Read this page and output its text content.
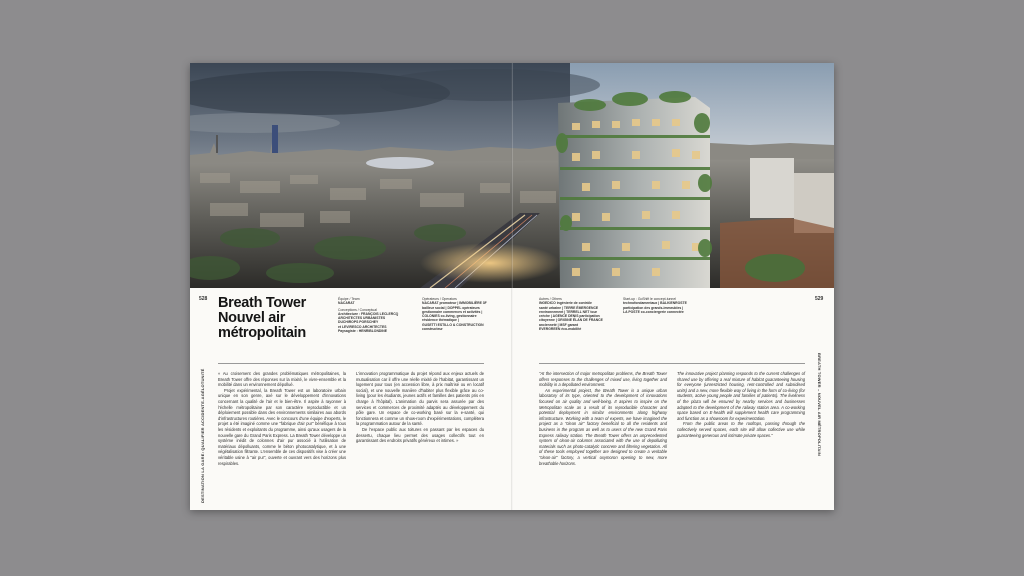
528	529
Breath Tower
Nouvel air
métropolitain
Équipe / Team
NACARAT
Conceptions / Conceptual
Architecture : FRANÇOIS LECLERCQ
ARCHITECTES URBANISTES
DUCHIROPS PORSCHEY
et LEVIRESCO ARCHITECTES
Paysagiste : HENRIBLONDINE
Opérateurs / Operators
NACARAT promoteur | IMMOBILIÈRE 3F
bailleur social | DOPPEL opérateurs
gestionnaire commerces et activités |
COLONIES co-living, gestionnaire
résidence thématique |
GUSETTI ESTILLO & CONSTRUCTION
constructeur
Autres / Others
INGEDICO ingénierie de contrôle
santé urbaine | TERRE ÉMERGENCE
environnement | TERRELL NET tour
crèche | AGENCE DENIS participation
citoyenne | ORIGINE ÉLAN DE FRANCE
ancienneté | MSF garant
EVERGREEN éco-mobilité
Start-up : GoShift le concept-tunnel
technofondamentaux | BALKIENROSTE
participation des grands-immeubles |
LA POSTE co-conciergerie connectée
DESTINATION LA GARE: QUALIFIER ACCIDENTE-AGÉLOTUNITÉ	BREATH TOWER – NOUVEL AIR MÉTROPOLITAIN

« Au croisement des grandes problématiques métropolitaines, la Breath Tower offre des réponses sur la mixité, le vivre-ensemble et la mobilité dans un environnement dépollué.

Projet expérimental, la Breath Tower est un laboratoire urbain unique en son genre, axé sur le développement d'innovations concernant la qualité de l'air et le bien-être. Il aspire à rayonner à l'échelle métropolitaine par son caractère reproductible et un déploiement possible dans des environnements similaires aux abords d'infrastructures routières. Avec le concours d'une équipe d'experts, le projet a été imaginé comme une "fabrique d'air pur" bénéfique à tous les résidents et exploitants du programme, ainsi qu'aux usagers de la nouvelle gare du Grand Paris Express. La Breath Tower développe un système inédit de colonnes d'air pur associé à l'utilisation de matériaux dépolluants, comme le béton photocatalytique, et à une végétalisation filtrante. L'ensemble de ces dispositifs vise à créer une véritable usine à "air pur", ouverte et ouvrant vers des horizons plus respirables.

L'innovation programmatique du projet répond aux enjeux actuels de mutualisation car il offre une réelle mixité de l'habitat, garantissant un logement pour tous (en accession libre, à prix maîtrisé ou en locatif social), et une nouvelle manière d'habiter plus flexible grâce au co-living (pour les étudiants, jeunes actifs et familles des patients pris en charge à l'hôpital). L'animation du parvis sera assurée par des services et commerces de proximité adaptés au développement du pôle gare. Un espace de co-working basé sur la e-santé, qui fonctionnera et comme un show-room d'expérimentations, complétera la programmation autour de la santé.

De l'espace public aux toitures en passant par les espaces du dessertu, chaque lieu permet des usages collectifs tout en garantissant des endroits privatifs généreux et intimes. »

"At the intersection of major metropolitan problems, the Breath Tower offers responses to the challenges of mixed use, living together and mobility in a depolluted environment.

An experimental project, the Breath Tower is a unique urban laboratory of its type, oriented to the development of innovations focused on air quality and well-being. It aspires to inspire on the Metropolitan scale as a result of its reproducible character and potential deployment in similar environments along highway infrastructure. Working with a team of experts, we have imagined the project as a "clean air" factory beneficial to all the residents and business in the program as well as to users of the new Grand Paris Express railway station. The Breath Tower offers an unprecedented system of clean-air columns associated with the use of depolluting materials such as photo-catalytic concrete and filtering vegetation. All of these tools employed together are designed to create a veritable "clean-air" factory, a vertical oxymoron opening to new, more breathable horizons.

The innovative project planning responds to the current challenges of shared use by offering a real mixture of habitat guaranteeing housing for everyone (unrestricted housing, rent-controlled and subsidised units) and a new, more flexible way of living in the form of co-living (for students, active young people and families of patients). The liveliness of the plaza will be ensured by nearby services and businesses adapted to the development of the railway station area. A co-working space based on E-health will supplement health care programming and function as a showroom for experimentation.

From the public areas to the rooftops, passing through the collectively served spaces, each site will allow collective use while guaranteeing generous and intimate private spaces."
